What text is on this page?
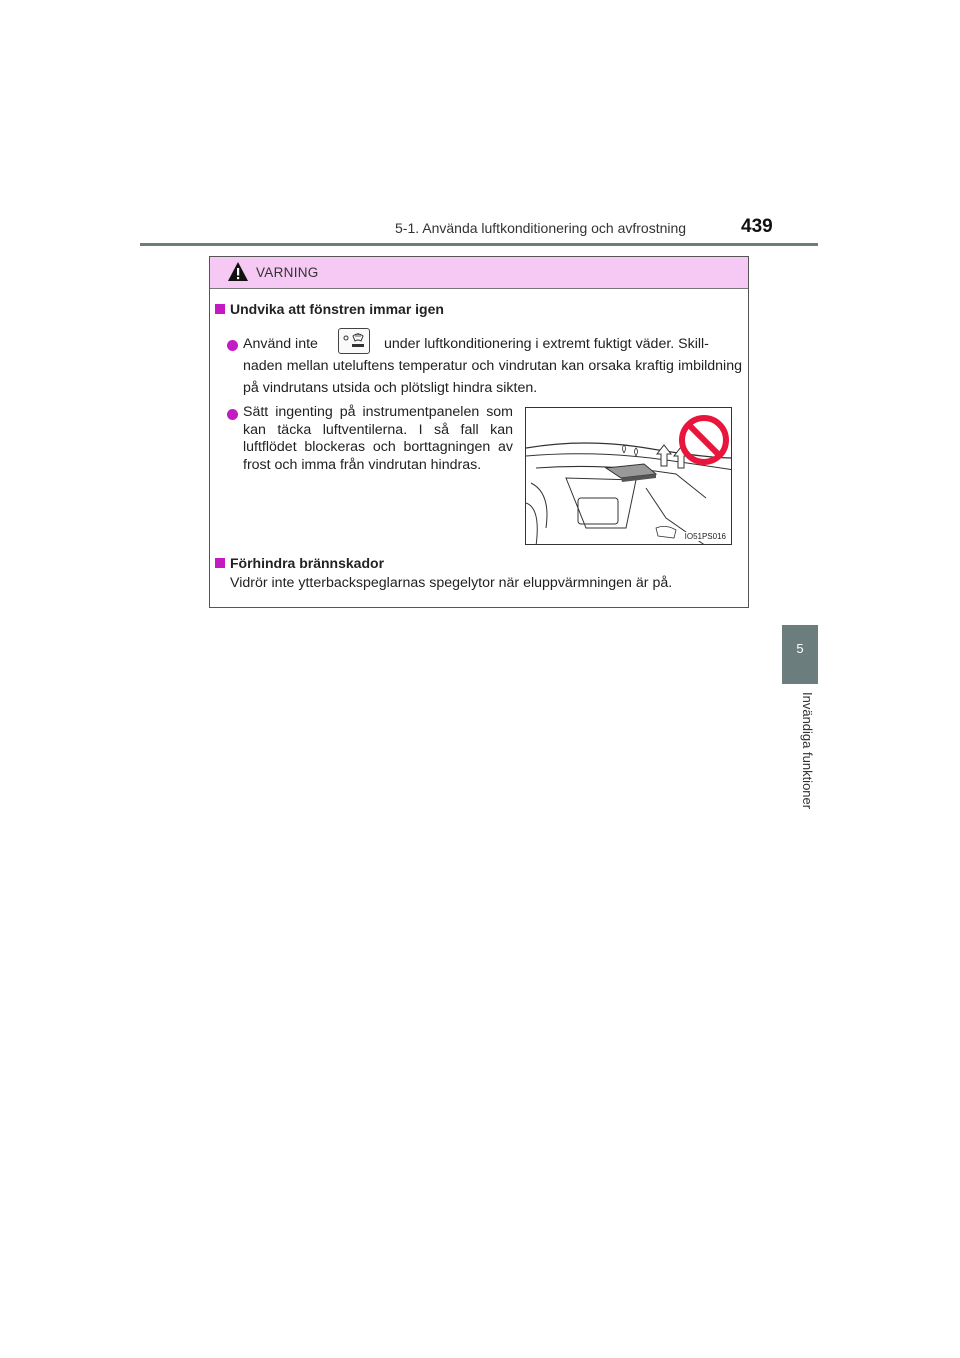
5-1. Använda luftkonditionering och avfrostning	439
5
Invändiga funktioner
VARNING
Undvika att fönstren immar igen
Använd inte	under luftkonditionering i extremt fuktigt väder. Skill-
naden mellan uteluftens temperatur och vindrutan kan orsaka kraftig imbildning på vindrutans utsida och plötsligt hindra sikten.
Sätt ingenting på instrumentpanelen som kan täcka luftventilerna. I så fall kan luftflödet blockeras och borttagningen av frost och imma från vindrutan hindras.
IO51PS016
Förhindra brännskador
Vidrör inte ytterbackspeglarnas spegelytor när eluppvärmningen är på.
